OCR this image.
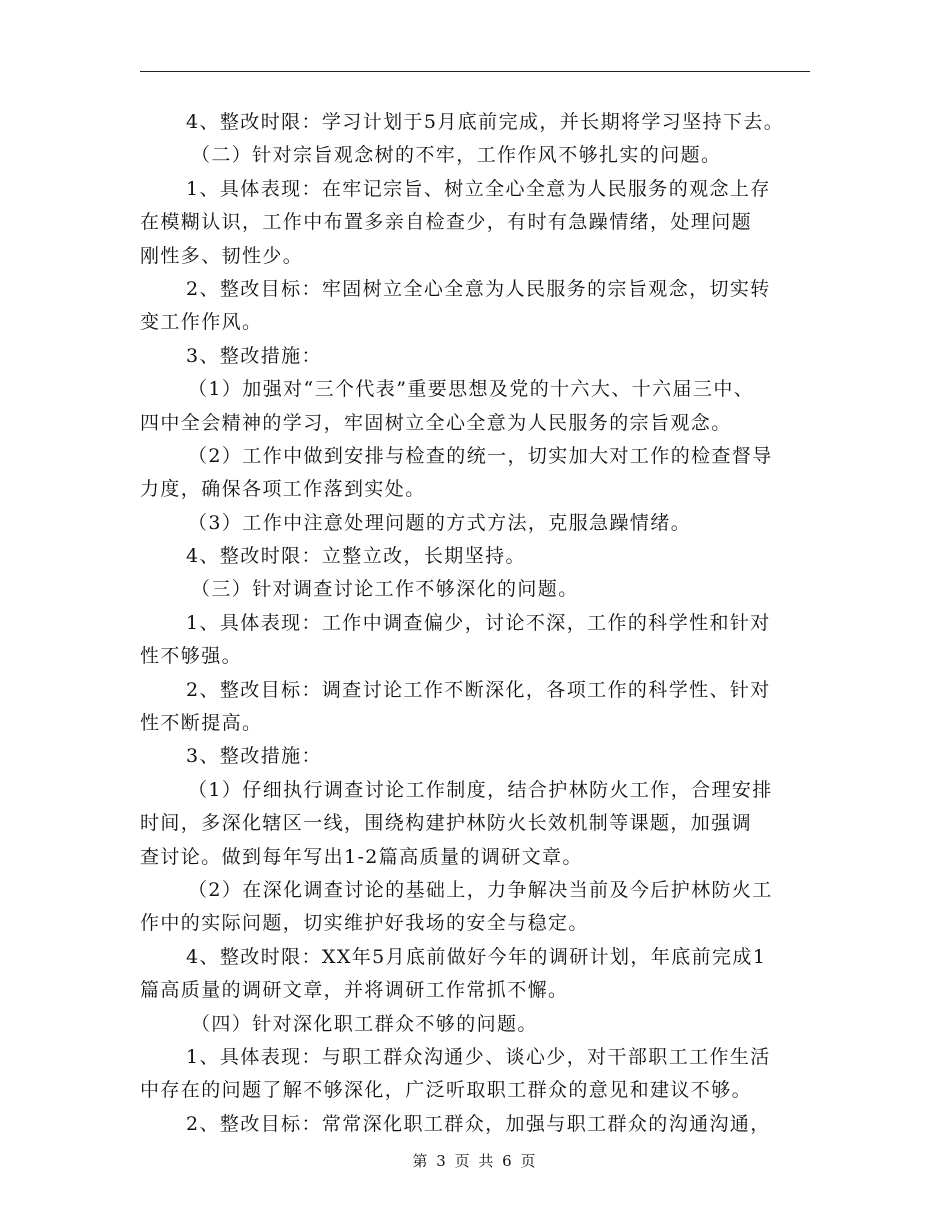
4、整改时限：学习计划于5月底前完成，并长期将学习坚持下去。
（二）针对宗旨观念树的不牢，工作作风不够扎实的问题。
1、具体表现：在牢记宗旨、树立全心全意为人民服务的观念上存
在模糊认识，工作中布置多亲自检查少，有时有急躁情绪，处理问题
刚性多、韧性少。
2、整改目标：牢固树立全心全意为人民服务的宗旨观念，切实转
变工作作风。
3、整改措施：
（1）加强对“三个代表”重要思想及党的十六大、十六届三中、
四中全会精神的学习，牢固树立全心全意为人民服务的宗旨观念。
（2）工作中做到安排与检查的统一，切实加大对工作的检查督导
力度，确保各项工作落到实处。
（3）工作中注意处理问题的方式方法，克服急躁情绪。
4、整改时限：立整立改，长期坚持。
（三）针对调查讨论工作不够深化的问题。
1、具体表现：工作中调查偏少，讨论不深，工作的科学性和针对
性不够强。
2、整改目标：调查讨论工作不断深化，各项工作的科学性、针对
性不断提高。
3、整改措施：
（1）仔细执行调查讨论工作制度，结合护林防火工作，合理安排
时间，多深化辖区一线，围绕构建护林防火长效机制等课题，加强调
查讨论。做到每年写出1-2篇高质量的调研文章。
（2）在深化调查讨论的基础上，力争解决当前及今后护林防火工
作中的实际问题，切实维护好我场的安全与稳定。
4、整改时限：XX年5月底前做好今年的调研计划，年底前完成1
篇高质量的调研文章，并将调研工作常抓不懈。
（四）针对深化职工群众不够的问题。
1、具体表现：与职工群众沟通少、谈心少，对干部职工工作生活
中存在的问题了解不够深化，广泛听取职工群众的意见和建议不够。
2、整改目标：常常深化职工群众，加强与职工群众的沟通沟通，
第 3 页 共 6 页
